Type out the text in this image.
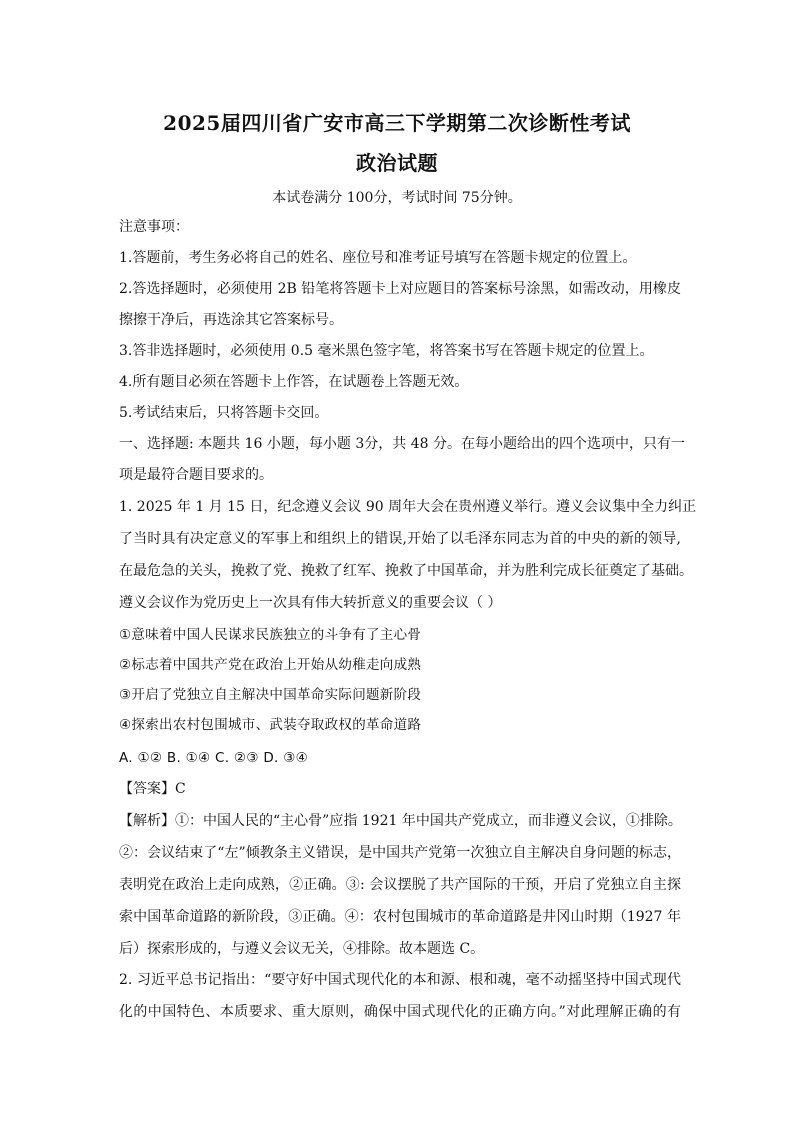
2025届四川省广安市高三下学期第二次诊断性考试
政治试题
本试卷满分 100分，考试时间 75分钟。
注意事项：
1.答题前，考生务必将自己的姓名、座位号和准考证号填写在答题卡规定的位置上。
2.答选择题时，必须使用 2B 铅笔将答题卡上对应题目的答案标号涂黑，如需改动，用橡皮
擦擦干净后，再选涂其它答案标号。
3.答非选择题时，必须使用 0.5 毫米黑色签字笔，将答案书写在答题卡规定的位置上。
4.所有题目必须在答题卡上作答，在试题卷上答题无效。
5.考试结束后，只将答题卡交回。
一、选择题: 本题共 16 小题，每小题 3分，共 48 分。在每小题给出的四个选项中，只有一
项是最符合题目要求的。
1. 2025 年 1 月 15 日，纪念遵义会议 90 周年大会在贵州遵义举行。遵义会议集中全力纠正
了当时具有决定意义的军事上和组织上的错误,开始了以毛泽东同志为首的中央的新的领导,
在最危急的关头，挽救了党、挽救了红军、挽救了中国革命，并为胜利完成长征奠定了基础。
遵义会议作为党历史上一次具有伟大转折意义的重要会议（ ）
①意味着中国人民谋求民族独立的斗争有了主心骨
②标志着中国共产党在政治上开始从幼稚走向成熟
③开启了党独立自主解决中国革命实际问题新阶段
④探索出农村包围城市、武装夺取政权的革命道路
A. ①② B. ①④ C. ②③ D. ③④
【答案】C
【解析】①：中国人民的“主心骨”应指 1921 年中国共产党成立，而非遵义会议，①排除。
②：会议结束了“左”倾教条主义错误，是中国共产党第一次独立自主解决自身问题的标志，
表明党在政治上走向成熟，②正确。③: 会议摆脱了共产国际的干预，开启了党独立自主探
索中国革命道路的新阶段，③正确。④：农村包围城市的革命道路是井冈山时期（1927 年
后）探索形成的，与遵义会议无关，④排除。故本题选 C。
2. 习近平总书记指出：“要守好中国式现代化的本和源、根和魂，毫不动摇坚持中国式现代
化的中国特色、本质要求、重大原则，确保中国式现代化的正确方向。”对此理解正确的有
